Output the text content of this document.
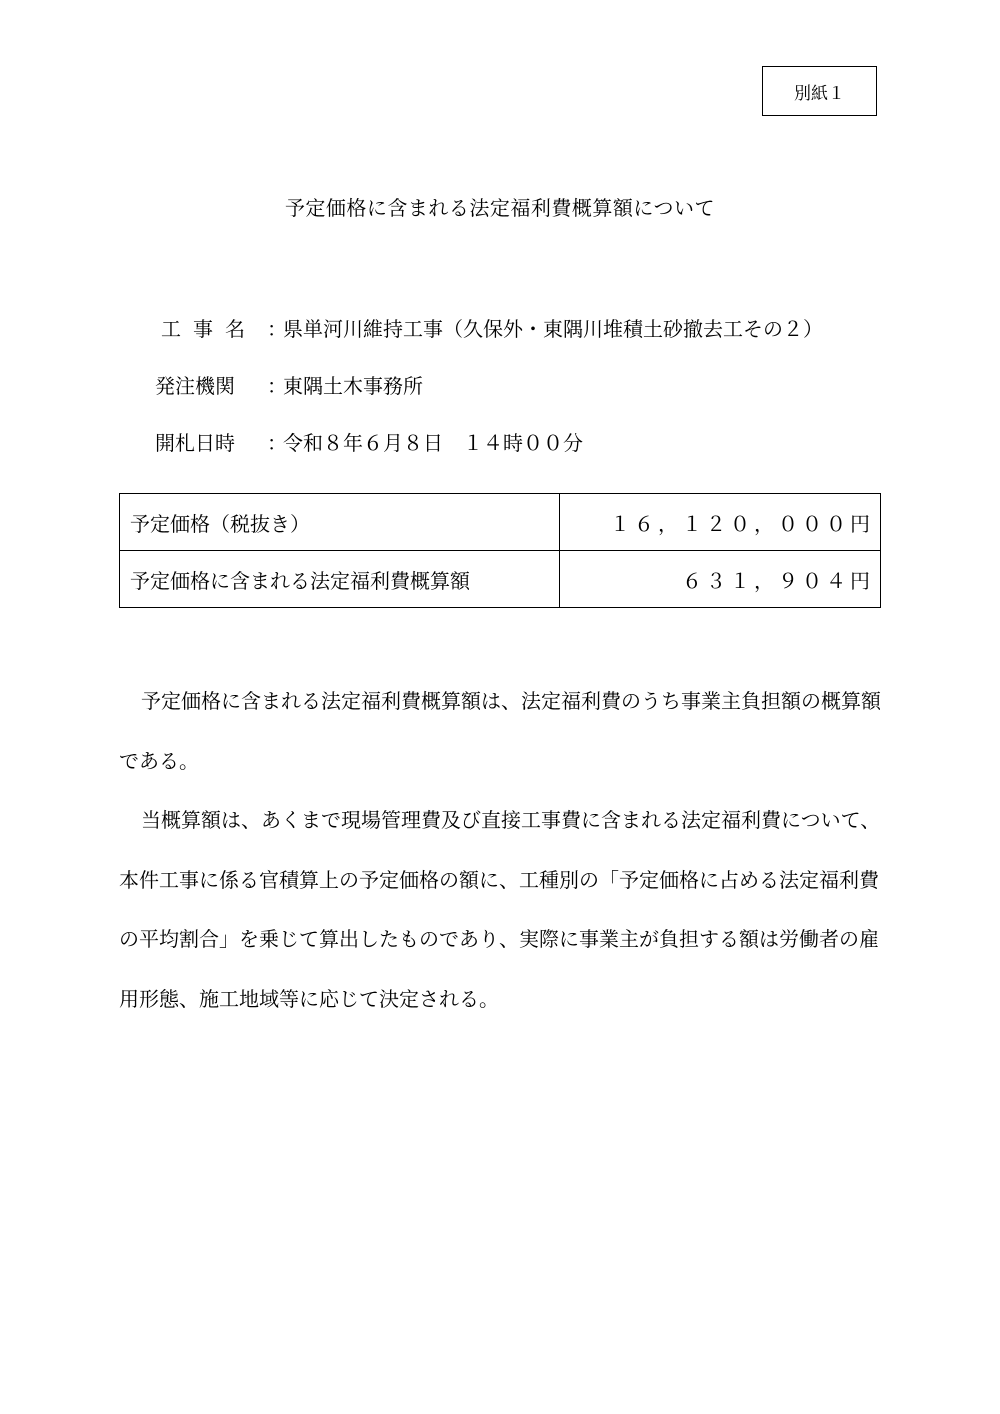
別紙１
予定価格に含まれる法定福利費概算額について
工事名 ：
県単河川維持工事（久保外・東隅川堆積土砂撤去工その２）
発注機関	：
東隅土木事務所
開札日時	：
令和８年６月８日　１４時００分
予定価格（税抜き）	１６，１２０，０００円
予定価格に含まれる法定福利費概算額	６３１，９０４円

予定価格に含まれる法定福利費概算額は、法定福利費のうち事業主負担額の概算額である。

当概算額は、あくまで現場管理費及び直接工事費に含まれる法定福利費について、本件工事に係る官積算上の予定価格の額に、工種別の「予定価格に占める法定福利費の平均割合」を乗じて算出したものであり、実際に事業主が負担する額は労働者の雇用形態、施工地域等に応じて決定される。
